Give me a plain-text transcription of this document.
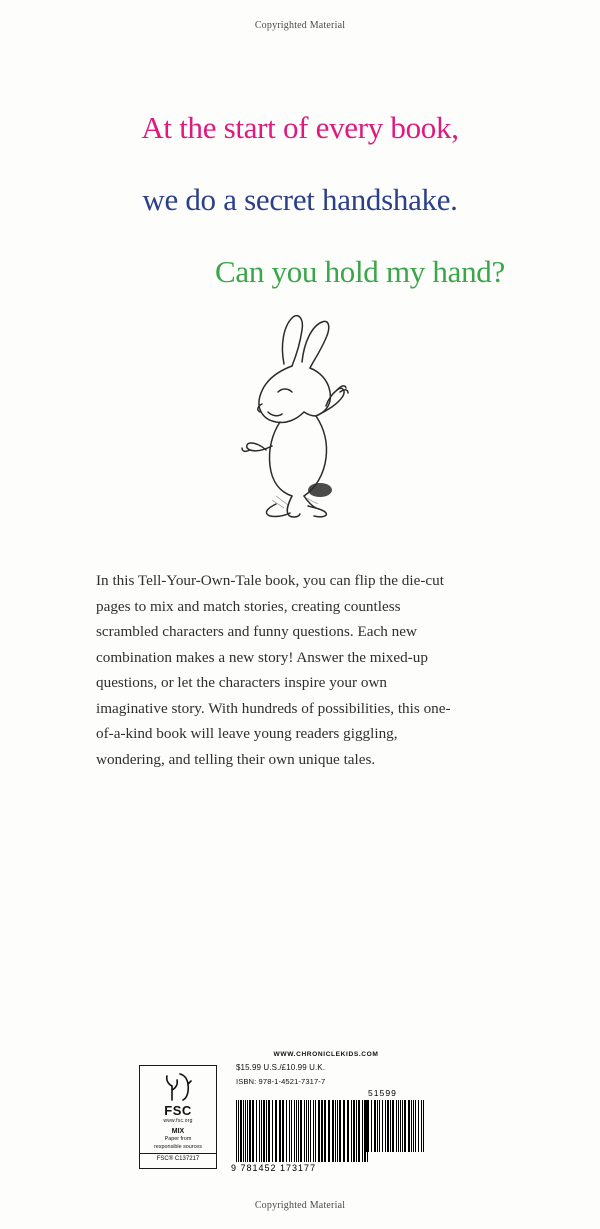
Copyrighted Material
At the start of every book,
we do a secret handshake.
Can you hold my hand?
In this Tell-Your-Own-Tale book, you can flip the die-cut pages to mix and match stories, creating countless scrambled characters and funny questions. Each new combination makes a new story! Answer the mixed-up questions, or let the characters inspire your own imaginative story. With hundreds of possibilities, this one-of-a-kind book will leave young readers giggling, wondering, and telling their own unique tales.
FSC
www.fsc.org
MIX
Paper from
responsible sources
FSC® C137217
WWW.CHRONICLEKIDS.COM
$15.99 U.S./£10.99 U.K.
ISBN: 978-1-4521-7317-7
51599
9 781452 173177
Copyrighted Material
